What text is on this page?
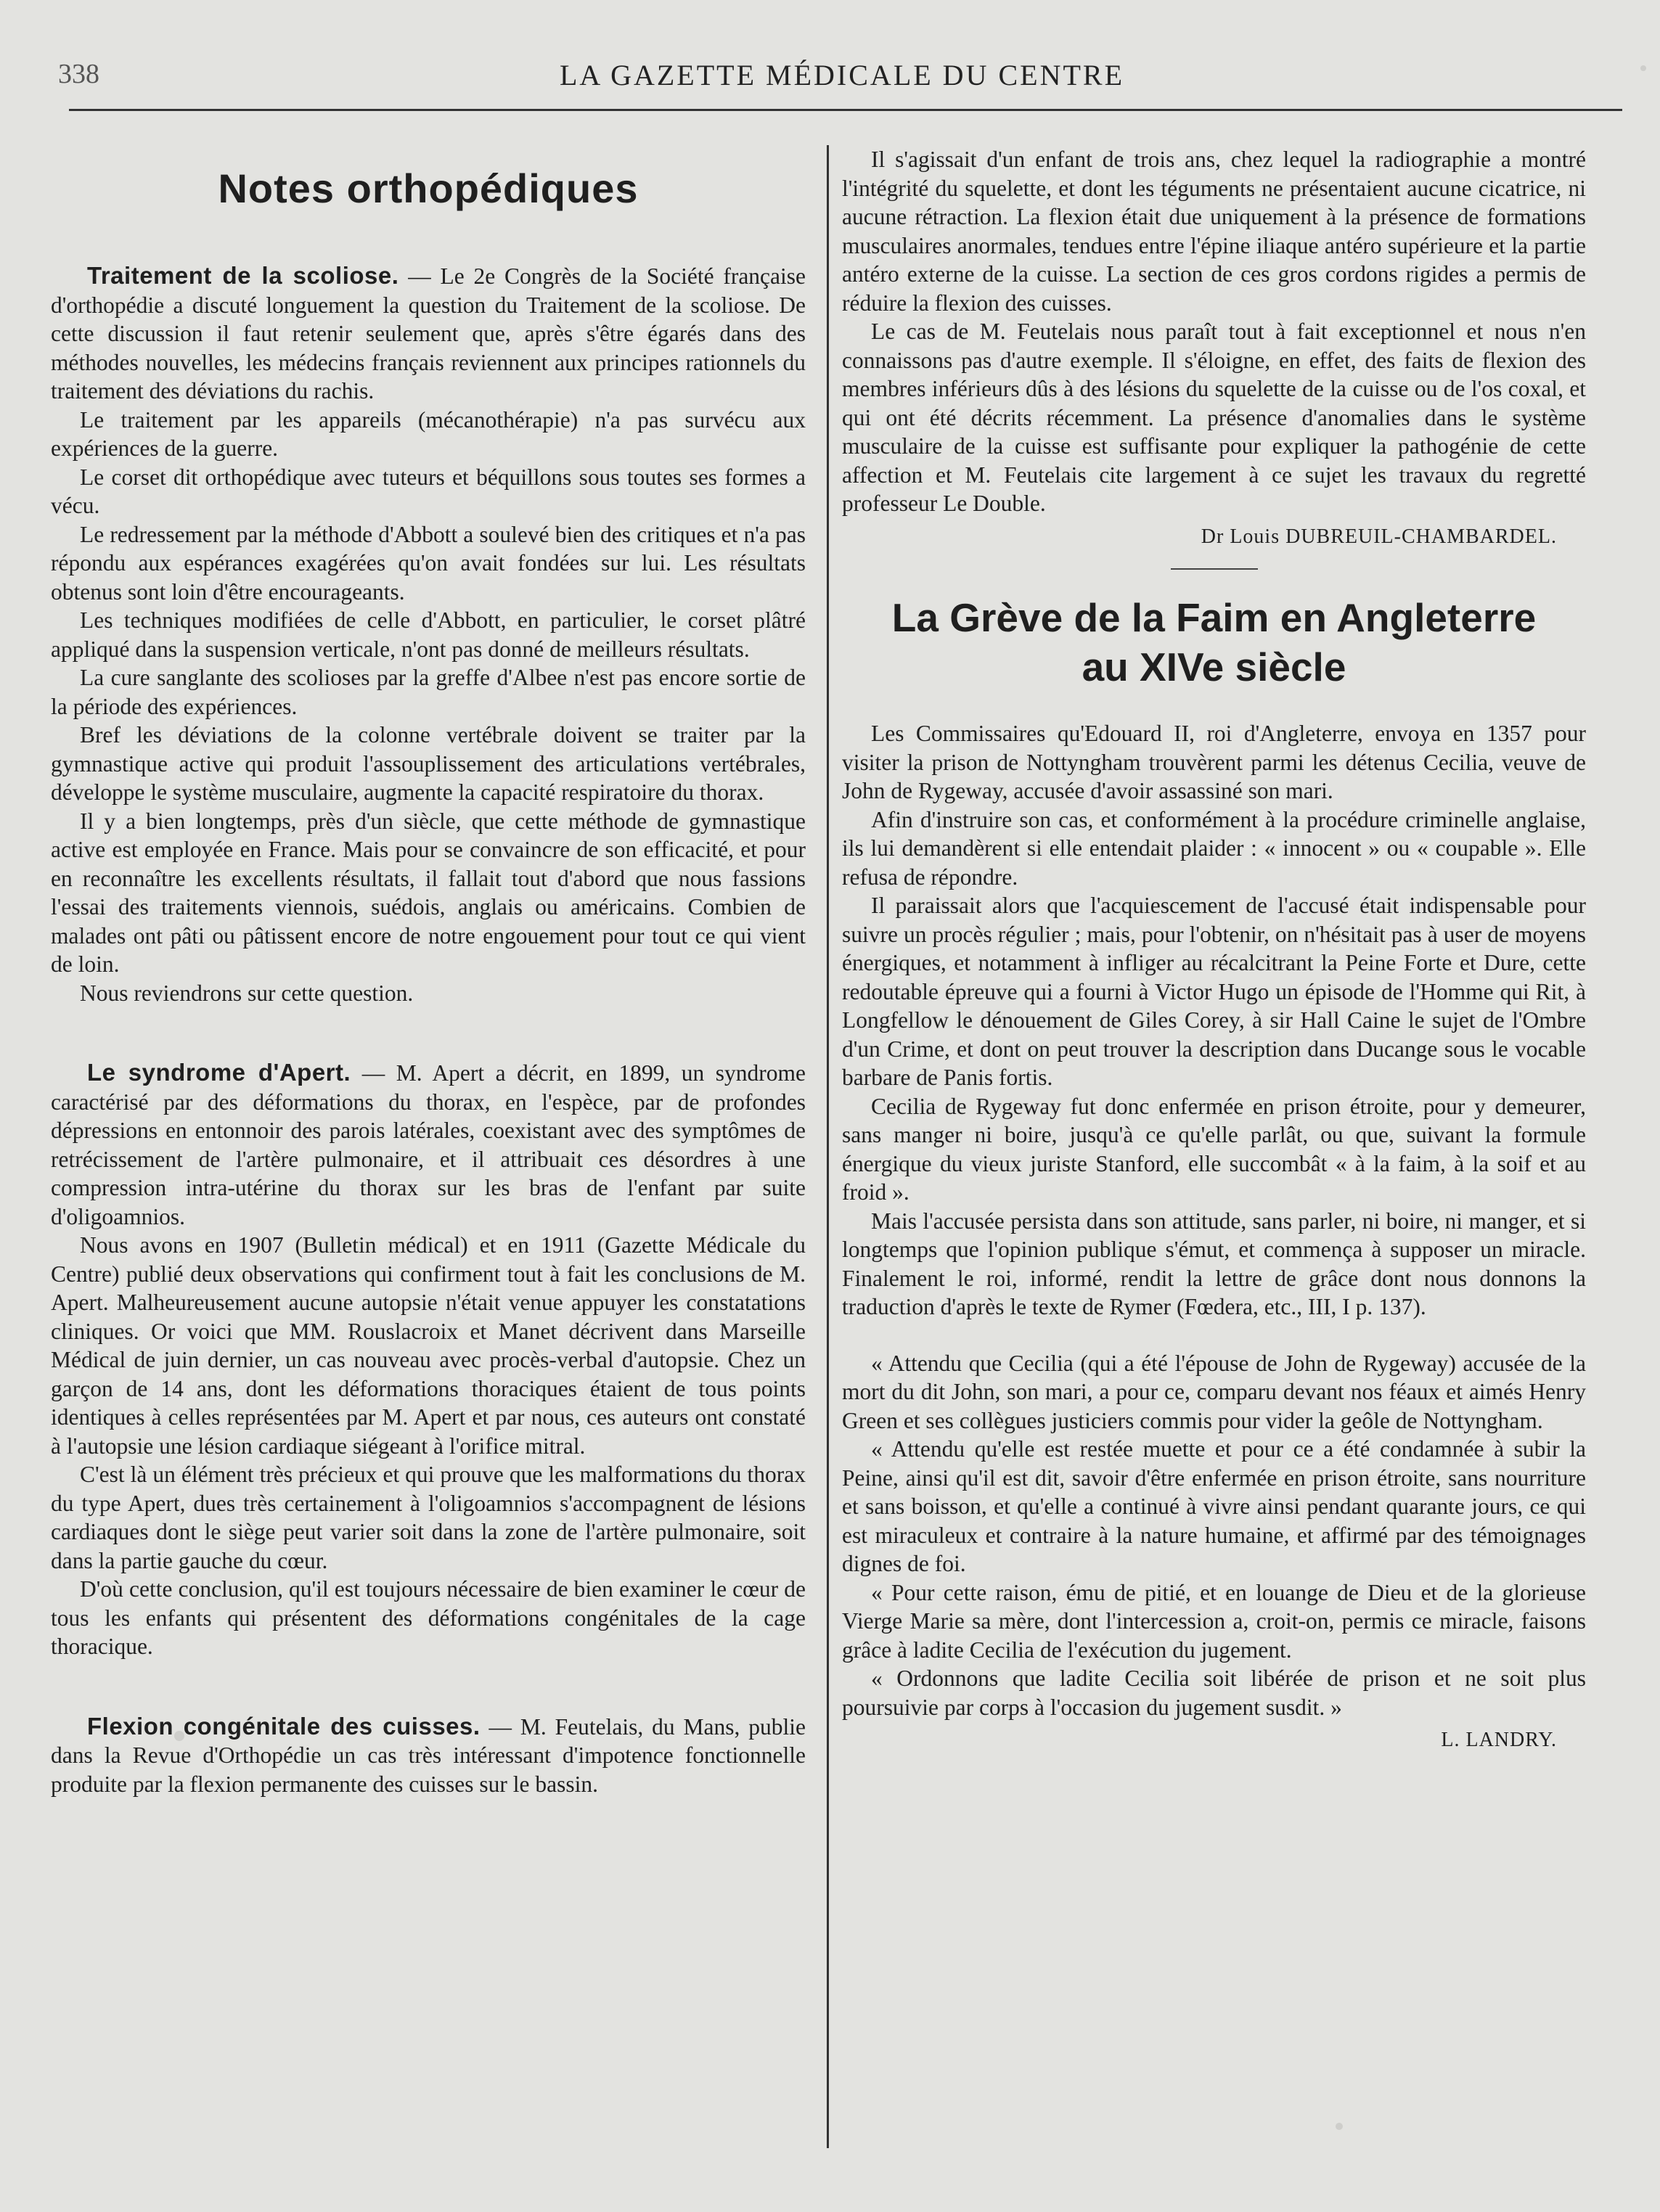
338	LA GAZETTE MÉDICALE DU CENTRE
Notes orthopédiques

Traitement de la scoliose. — Le 2e Congrès de la Société française d'orthopédie a discuté longuement la question du Traitement de la scoliose. De cette discussion il faut retenir seulement que, après s'être égarés dans des méthodes nouvelles, les médecins français reviennent aux principes rationnels du traitement des déviations du rachis.

Le traitement par les appareils (mécanothérapie) n'a pas survécu aux expériences de la guerre.

Le corset dit orthopédique avec tuteurs et béquillons sous toutes ses formes a vécu.

Le redressement par la méthode d'Abbott a soulevé bien des critiques et n'a pas répondu aux espérances exagérées qu'on avait fondées sur lui. Les résultats obtenus sont loin d'être encourageants.

Les techniques modifiées de celle d'Abbott, en particulier, le corset plâtré appliqué dans la suspension verticale, n'ont pas donné de meilleurs résultats.

La cure sanglante des scolioses par la greffe d'Albee n'est pas encore sortie de la période des expériences.

Bref les déviations de la colonne vertébrale doivent se traiter par la gymnastique active qui produit l'assouplissement des articulations vertébrales, développe le système musculaire, augmente la capacité respiratoire du thorax.

Il y a bien longtemps, près d'un siècle, que cette méthode de gymnastique active est employée en France. Mais pour se convaincre de son efficacité, et pour en reconnaître les excellents résultats, il fallait tout d'abord que nous fassions l'essai des traitements viennois, suédois, anglais ou américains. Combien de malades ont pâti ou pâtissent encore de notre engouement pour tout ce qui vient de loin.

Nous reviendrons sur cette question.

Le syndrome d'Apert. — M. Apert a décrit, en 1899, un syndrome caractérisé par des déformations du thorax, en l'espèce, par de profondes dépressions en entonnoir des parois latérales, coexistant avec des symptômes de retrécissement de l'artère pulmonaire, et il attribuait ces désordres à une compression intra-utérine du thorax sur les bras de l'enfant par suite d'oligoamnios.

Nous avons en 1907 (Bulletin médical) et en 1911 (Gazette Médicale du Centre) publié deux observations qui confirment tout à fait les conclusions de M. Apert. Malheureusement aucune autopsie n'était venue appuyer les constatations cliniques. Or voici que MM. Rouslacroix et Manet décrivent dans Marseille Médical de juin dernier, un cas nouveau avec procès-verbal d'autopsie. Chez un garçon de 14 ans, dont les déformations thoraciques étaient de tous points identiques à celles représentées par M. Apert et par nous, ces auteurs ont constaté à l'autopsie une lésion cardiaque siégeant à l'orifice mitral.

C'est là un élément très précieux et qui prouve que les malformations du thorax du type Apert, dues très certainement à l'oligoamnios s'accompagnent de lésions cardiaques dont le siège peut varier soit dans la zone de l'artère pulmonaire, soit dans la partie gauche du cœur.

D'où cette conclusion, qu'il est toujours nécessaire de bien examiner le cœur de tous les enfants qui présentent des déformations congénitales de la cage thoracique.

Flexion congénitale des cuisses. — M. Feutelais, du Mans, publie dans la Revue d'Orthopédie un cas très intéressant d'impotence fonctionnelle produite par la flexion permanente des cuisses sur le bassin.

Il s'agissait d'un enfant de trois ans, chez lequel la radiographie a montré l'intégrité du squelette, et dont les téguments ne présentaient aucune cicatrice, ni aucune rétraction. La flexion était due uniquement à la présence de formations musculaires anormales, tendues entre l'épine iliaque antéro supérieure et la partie antéro externe de la cuisse. La section de ces gros cordons rigides a permis de réduire la flexion des cuisses.

Le cas de M. Feutelais nous paraît tout à fait exceptionnel et nous n'en connaissons pas d'autre exemple. Il s'éloigne, en effet, des faits de flexion des membres inférieurs dûs à des lésions du squelette de la cuisse ou de l'os coxal, et qui ont été décrits récemment. La présence d'anomalies dans le système musculaire de la cuisse est suffisante pour expliquer la pathogénie de cette affection et M. Feutelais cite largement à ce sujet les travaux du regretté professeur Le Double.

Dr Louis DUBREUIL-CHAMBARDEL.

La Grève de la Faim en Angleterre
au XIVe siècle

Les Commissaires qu'Edouard II, roi d'Angleterre, envoya en 1357 pour visiter la prison de Nottyngham trouvèrent parmi les détenus Cecilia, veuve de John de Rygeway, accusée d'avoir assassiné son mari.

Afin d'instruire son cas, et conformément à la procédure criminelle anglaise, ils lui demandèrent si elle entendait plaider : « innocent » ou « coupable ». Elle refusa de répondre.

Il paraissait alors que l'acquiescement de l'accusé était indispensable pour suivre un procès régulier ; mais, pour l'obtenir, on n'hésitait pas à user de moyens énergiques, et notamment à infliger au récalcitrant la Peine Forte et Dure, cette redoutable épreuve qui a fourni à Victor Hugo un épisode de l'Homme qui Rit, à Longfellow le dénouement de Giles Corey, à sir Hall Caine le sujet de l'Ombre d'un Crime, et dont on peut trouver la description dans Ducange sous le vocable barbare de Panis fortis.

Cecilia de Rygeway fut donc enfermée en prison étroite, pour y demeurer, sans manger ni boire, jusqu'à ce qu'elle parlât, ou que, suivant la formule énergique du vieux juriste Stanford, elle succombât « à la faim, à la soif et au froid ».

Mais l'accusée persista dans son attitude, sans parler, ni boire, ni manger, et si longtemps que l'opinion publique s'émut, et commença à supposer un miracle. Finalement le roi, informé, rendit la lettre de grâce dont nous donnons la traduction d'après le texte de Rymer (Fœdera, etc., III, I p. 137).

« Attendu que Cecilia (qui a été l'épouse de John de Rygeway) accusée de la mort du dit John, son mari, a pour ce, comparu devant nos féaux et aimés Henry Green et ses collègues justiciers commis pour vider la geôle de Nottyngham.

« Attendu qu'elle est restée muette et pour ce a été condamnée à subir la Peine, ainsi qu'il est dit, savoir d'être enfermée en prison étroite, sans nourriture et sans boisson, et qu'elle a continué à vivre ainsi pendant quarante jours, ce qui est miraculeux et contraire à la nature humaine, et affirmé par des témoignages dignes de foi.

« Pour cette raison, ému de pitié, et en louange de Dieu et de la glorieuse Vierge Marie sa mère, dont l'intercession a, croit-on, permis ce miracle, faisons grâce à ladite Cecilia de l'exécution du jugement.

« Ordonnons que ladite Cecilia soit libérée de prison et ne soit plus poursuivie par corps à l'occasion du jugement susdit. »

L. LANDRY.
